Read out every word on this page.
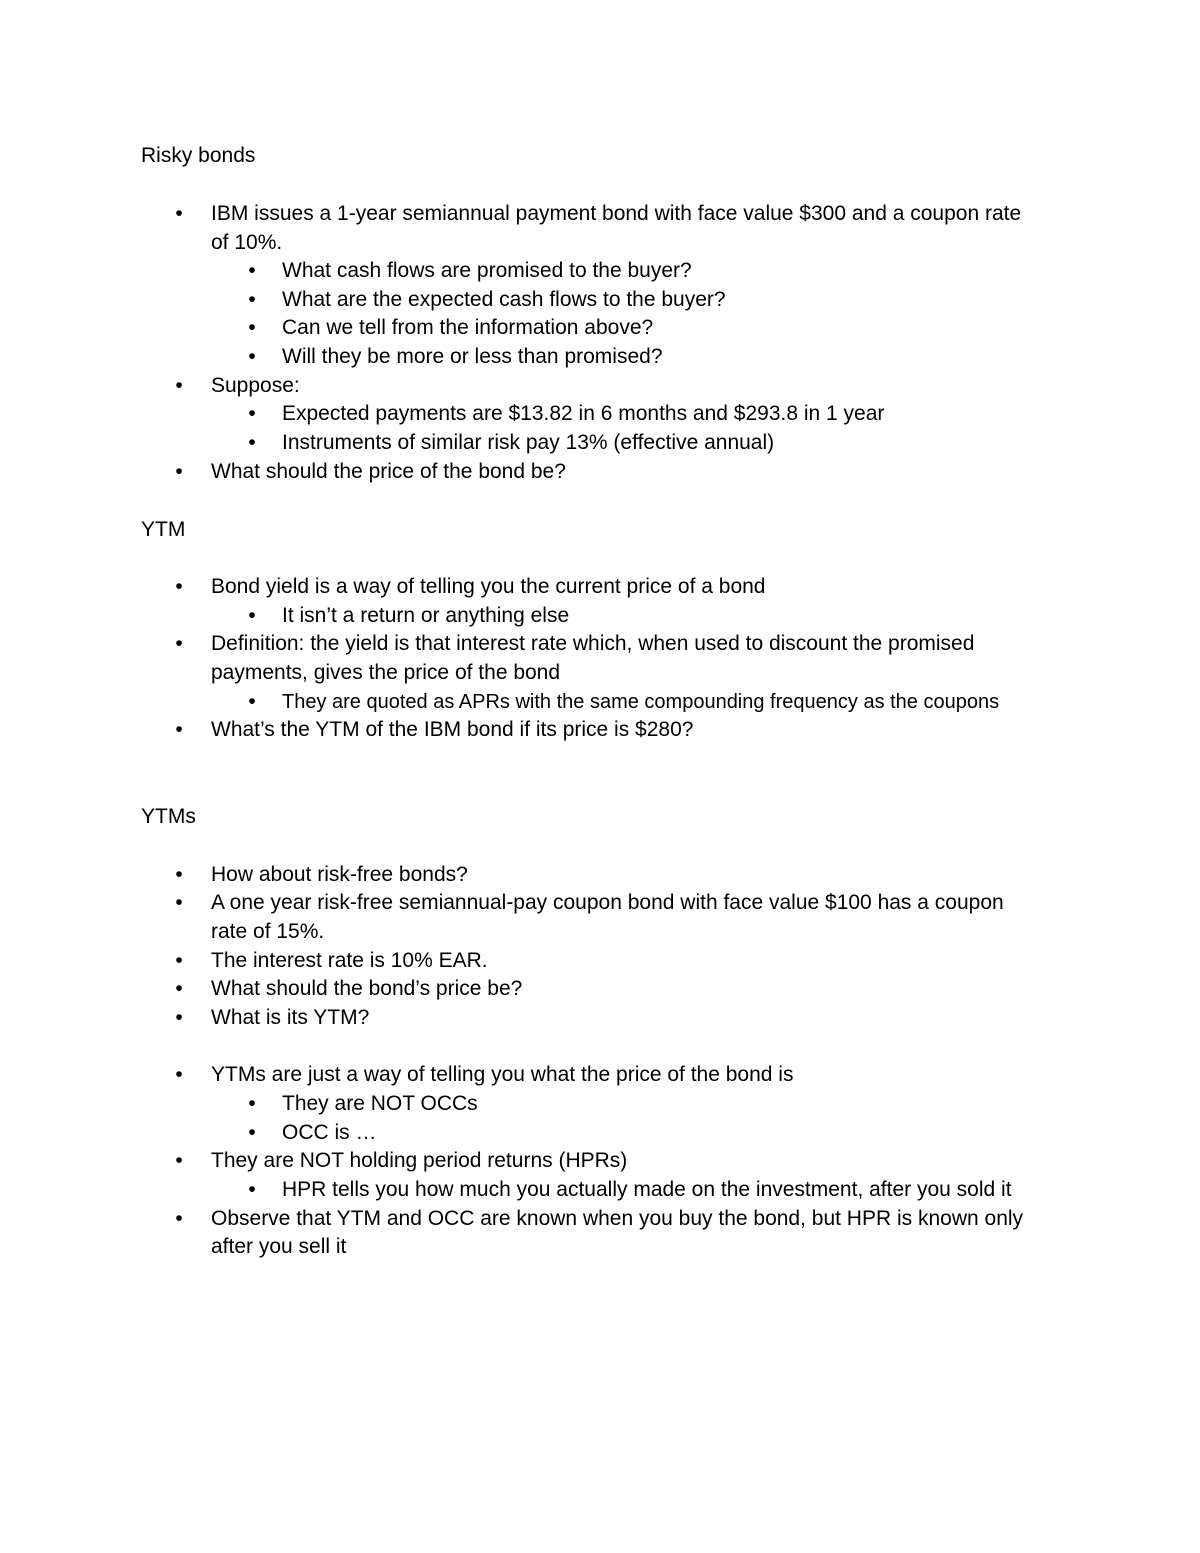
Risky bonds
• IBM issues a 1-year semiannual payment bond with face value $300 and a coupon rate
of 10%.
• What cash flows are promised to the buyer?
• What are the expected cash flows to the buyer?
• Can we tell from the information above?
• Will they be more or less than promised?
• Suppose:
• Expected payments are $13.82 in 6 months and $293.8 in 1 year
• Instruments of similar risk pay 13% (effective annual)
• What should the price of the bond be?
YTM
• Bond yield is a way of telling you the current price of a bond
• It isn’t a return or anything else
• Definition: the yield is that interest rate which, when used to discount the promised
payments, gives the price of the bond
• They are quoted as APRs with the same compounding frequency as the coupons
• What’s the YTM of the IBM bond if its price is $280?
YTMs
• How about risk-free bonds?
• A one year risk-free semiannual-pay coupon bond with face value $100 has a coupon
rate of 15%.
• The interest rate is 10% EAR.
• What should the bond’s price be?
• What is its YTM?
• YTMs are just a way of telling you what the price of the bond is
• They are NOT OCCs
• OCC is …
• They are NOT holding period returns (HPRs)
• HPR tells you how much you actually made on the investment, after you sold it
• Observe that YTM and OCC are known when you buy the bond, but HPR is known only
after you sell it
